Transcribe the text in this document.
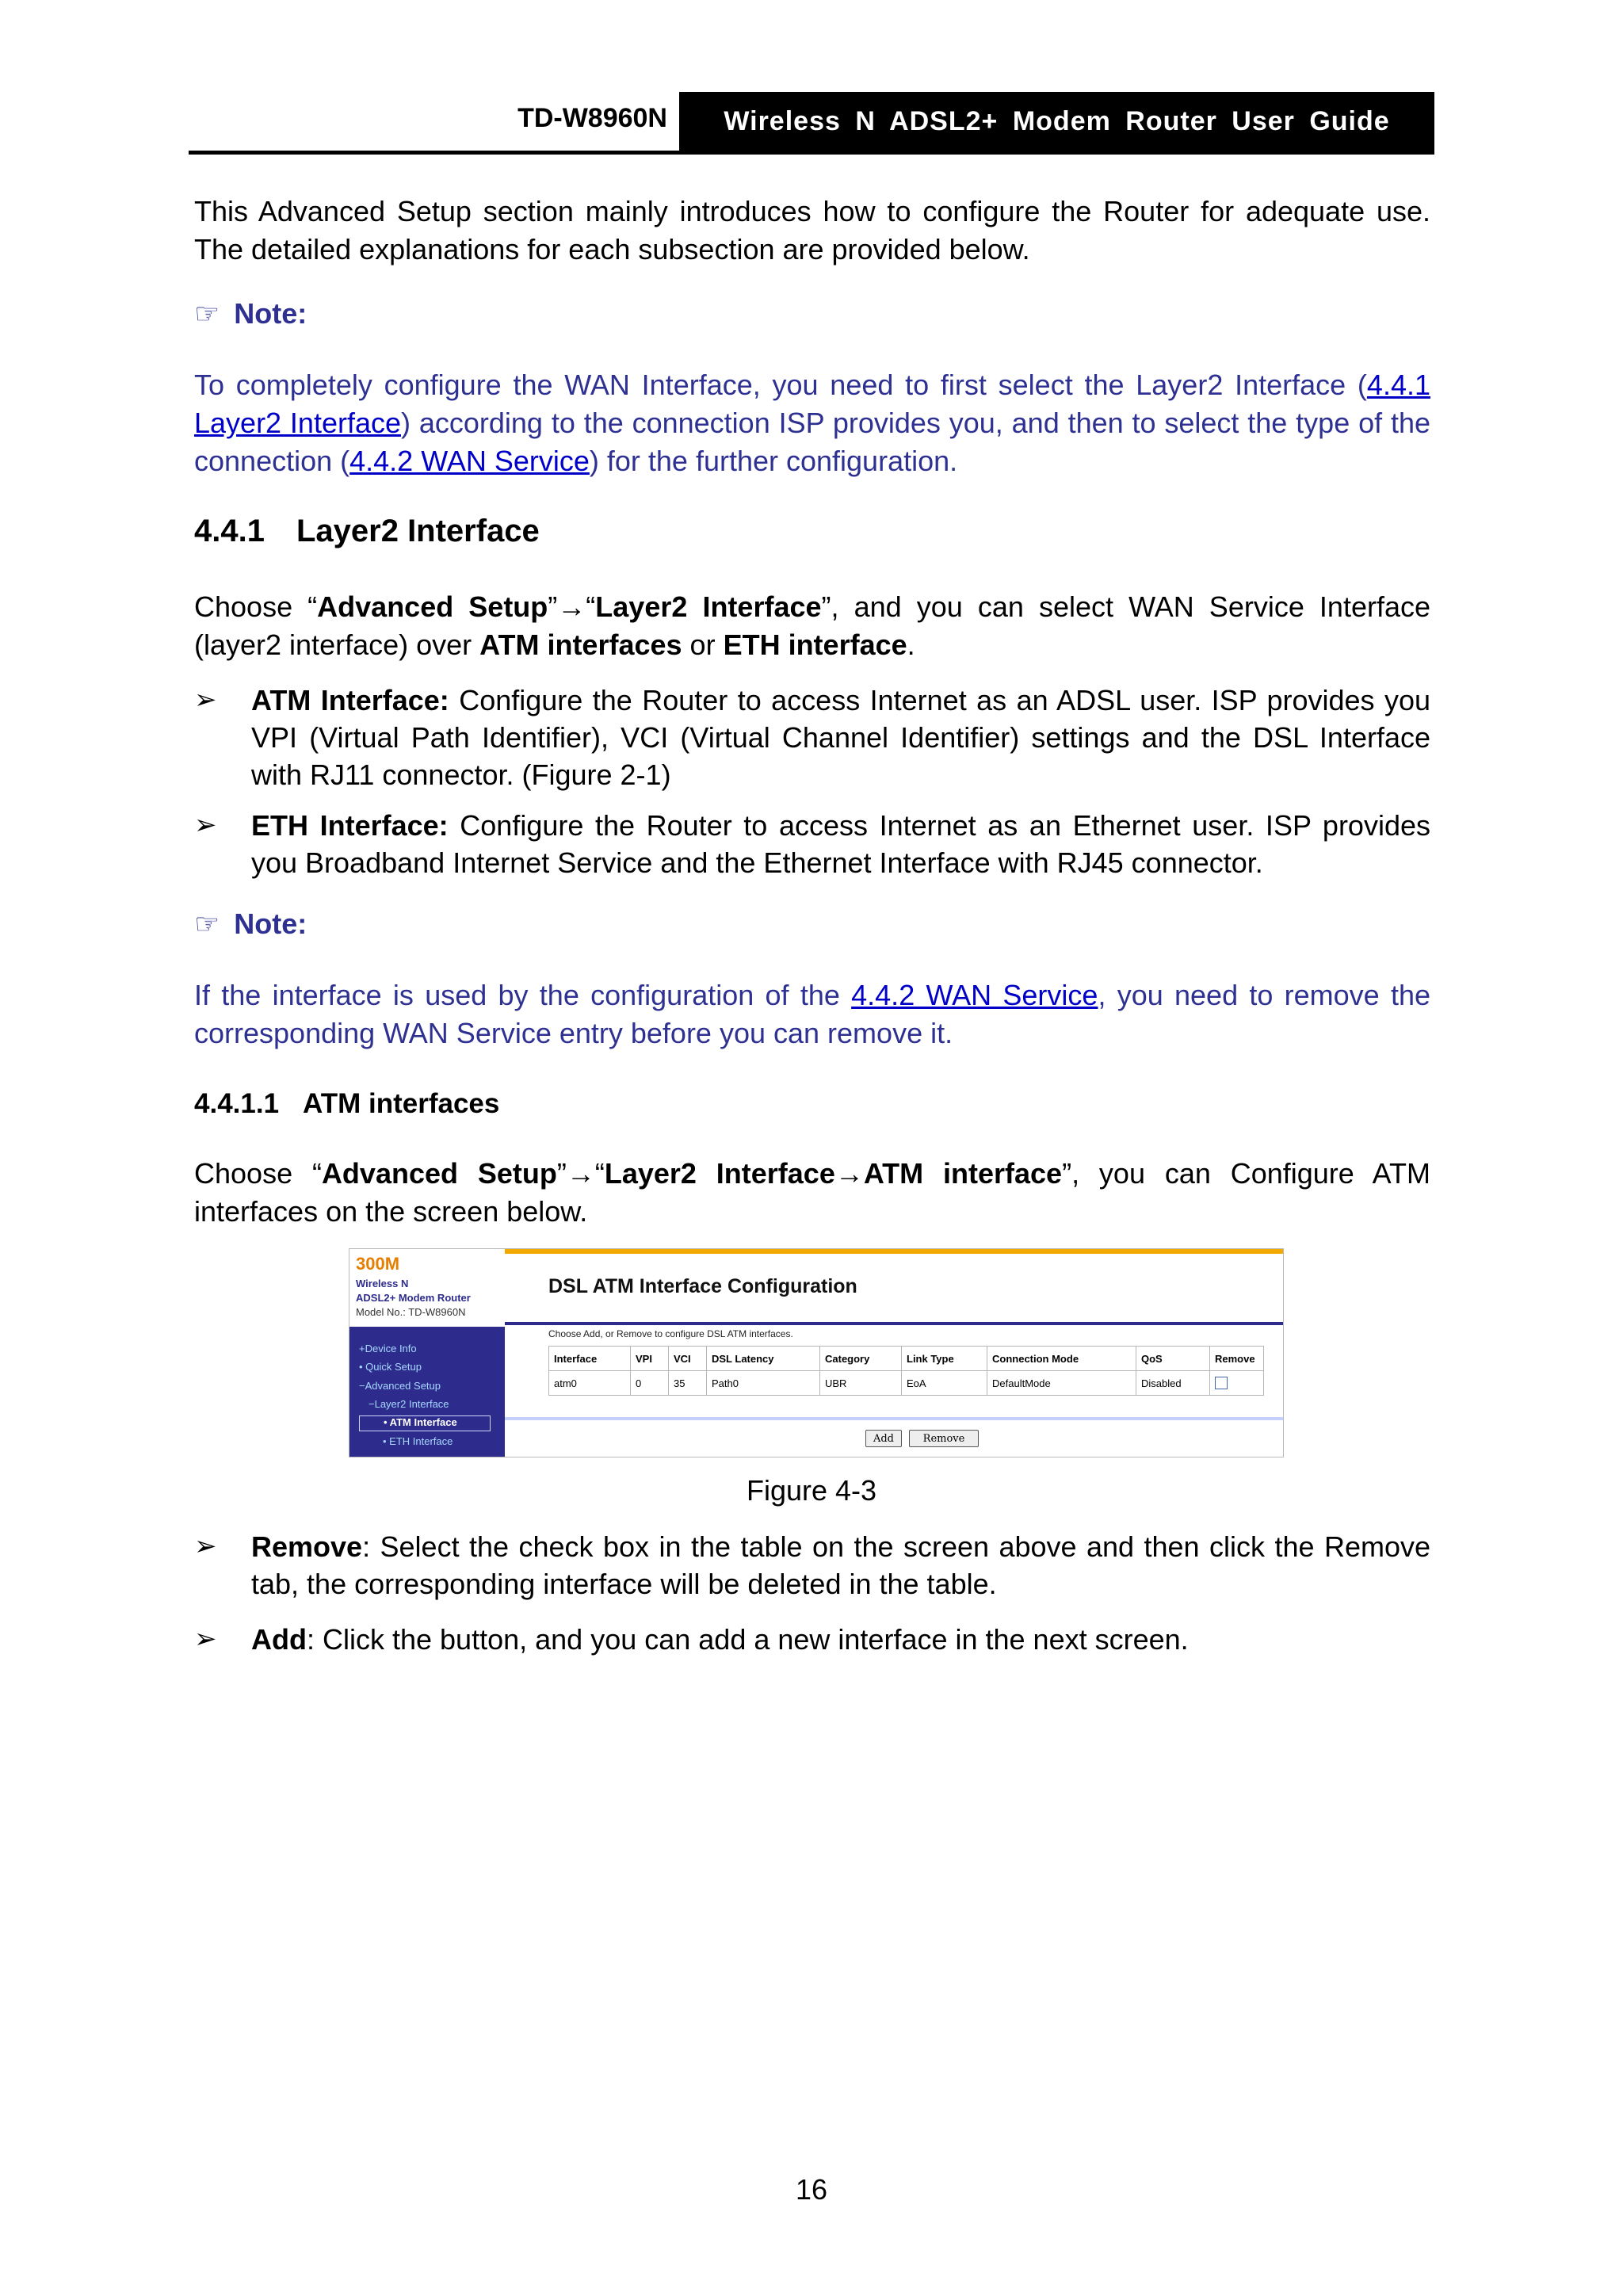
TD-W8960N	Wireless N ADSL2+ Modem Router User Guide
This Advanced Setup section mainly introduces how to configure the Router for adequate use. The detailed explanations for each subsection are provided below.
☞ Note:
To completely configure the WAN Interface, you need to first select the Layer2 Interface (4.4.1 Layer2 Interface) according to the connection ISP provides you, and then to select the type of the connection (4.4.2 WAN Service) for the further configuration.
4.4.1 Layer2 Interface
Choose “Advanced Setup”→“Layer2 Interface”, and you can select WAN Service Interface (layer2 interface) over ATM interfaces or ETH interface.
➢ ATM Interface: Configure the Router to access Internet as an ADSL user. ISP provides you VPI (Virtual Path Identifier), VCI (Virtual Channel Identifier) settings and the DSL Interface with RJ11 connector. (Figure 2-1)
➢ ETH Interface: Configure the Router to access Internet as an Ethernet user. ISP provides you Broadband Internet Service and the Ethernet Interface with RJ45 connector.
☞ Note:
If the interface is used by the configuration of the 4.4.2 WAN Service, you need to remove the corresponding WAN Service entry before you can remove it.
4.4.1.1 ATM interfaces
Choose “Advanced Setup”→“Layer2 Interface→ATM interface”, you can Configure ATM interfaces on the screen below.
300M
Wireless N
ADSL2+ Modem Router
Model No.: TD-W8960N
+Device Info
• Quick Setup
−Advanced Setup
−Layer2 Interface
• ATM Interface
• ETH Interface
DSL ATM Interface Configuration
Choose Add, or Remove to configure DSL ATM interfaces.
Interface	VPI	VCI	DSL Latency	Category	Link Type	Connection Mode	QoS	Remove
atm0	0	35	Path0	UBR	EoA	DefaultMode	Disabled	
Add	Remove
Figure 4-3
➢ Remove: Select the check box in the table on the screen above and then click the Remove tab, the corresponding interface will be deleted in the table.
➢ Add: Click the button, and you can add a new interface in the next screen.
16
